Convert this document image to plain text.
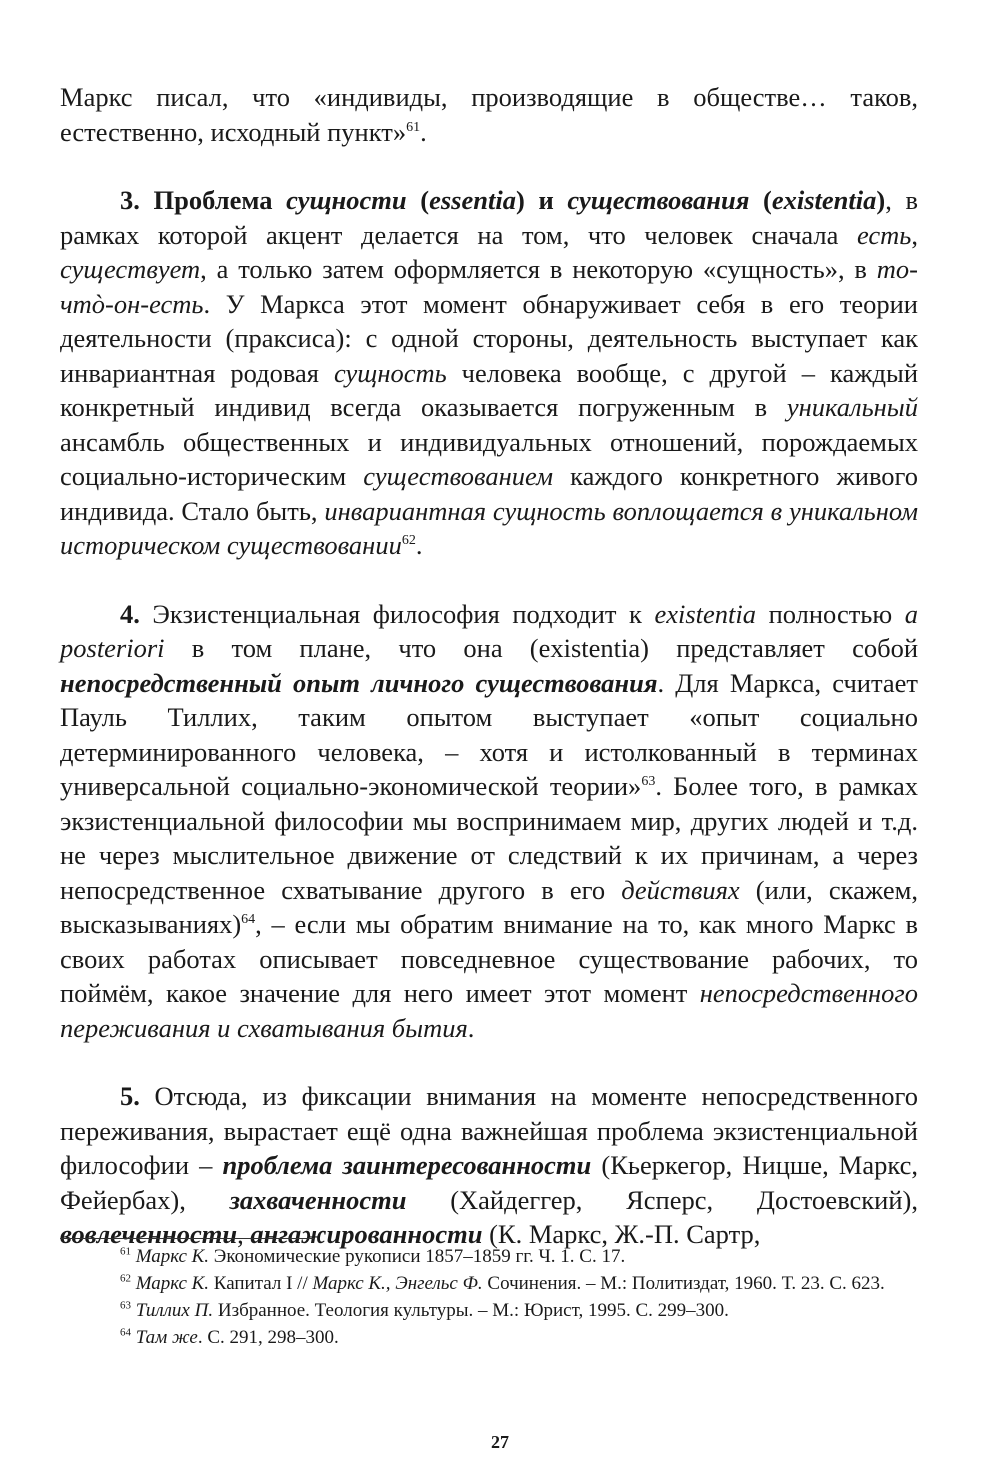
Маркс писал, что «индивиды, производящие в обществе… таков, естественно, исходный пункт»$^{61}$.

3. Проблема сущности (essentia) и существования (existentia), в рамках которой акцент делается на том, что человек сначала есть, существует, а только затем оформляется в некоторую «сущность», в то-чтò-он-есть. У Маркса этот момент обнаруживает себя в его теории деятельности (праксиса): с одной стороны, деятельность выступает как инвариантная родовая сущность человека вообще, с другой – каждый конкретный индивид всегда оказывается погруженным в уникальный ансамбль общественных и индивидуальных отношений, порождаемых социально-историческим существованием каждого конкретного живого индивида. Стало быть, инвариантная сущность воплощается в уникальном историческом существовании$^{62}$.

4. Экзистенциальная философия подходит к existentia полностью a posteriori в том плане, что она (existentia) представляет собой непосредственный опыт личного существования. Для Маркса, считает Пауль Тиллих, таким опытом выступает «опыт социально детерминированного человека, – хотя и истолкованный в терминах универсальной социально-экономической теории»$^{63}$. Более того, в рамках экзистенциальной философии мы воспринимаем мир, других людей и т.д. не через мыслительное движение от следствий к их причинам, а через непосредственное схватывание другого в его действиях (или, скажем, высказываниях)$^{64}$, – если мы обратим внимание на то, как много Маркс в своих работах описывает повседневное существование рабочих, то поймём, какое значение для него имеет этот момент непосредственного переживания и схватывания бытия.

5. Отсюда, из фиксации внимания на моменте непосредственного переживания, вырастает ещё одна важнейшая проблема экзистенциальной философии – проблема заинтересованности (Кьеркегор, Ницше, Маркс, Фейербах), захваченности (Хайдеггер, Ясперс, Достоевский), вовлеченности, ангажированности (К. Маркс, Ж.-П. Сартр,

$^{61}$ Маркс К. Экономические рукописи 1857–1859 гг. Ч. 1. С. 17.

$^{62}$ Маркс К. Капитал I // Маркс К., Энгельс Ф. Сочинения. – М.: Политиздат, 1960. Т. 23. С. 623.

$^{63}$ Тиллих П. Избранное. Теология культуры. – М.: Юрист, 1995. С. 299–300.

$^{64}$ Там же. С. 291, 298–300.

27
